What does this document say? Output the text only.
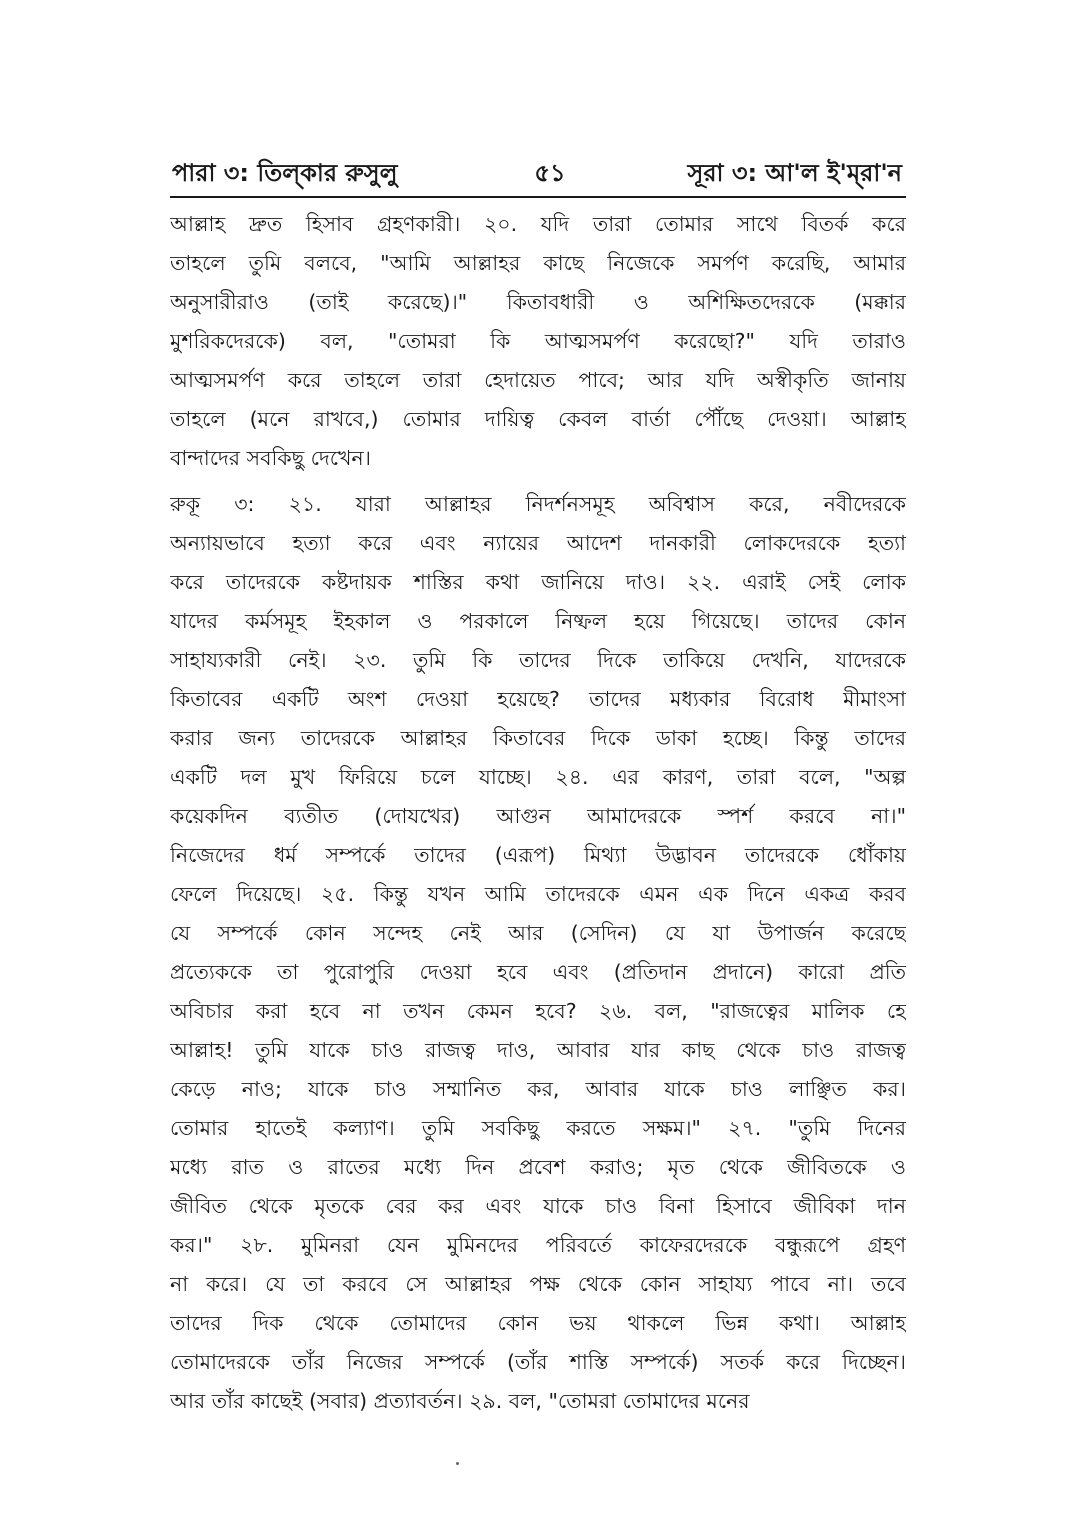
পারা ৩: তিল্‌কার রুসুলু	৫১	সূরা ৩: আ'ল ই'ম্‌রা'ন
আল্লাহ দ্রুত হিসাব গ্রহণকারী। ২০. যদি তারা তোমার সাথে বিতর্ক করে
তাহলে তুমি বলবে, "আমি আল্লাহর কাছে নিজেকে সমর্পণ করেছি, আমার
অনুসারীরাও (তাই করেছে)।" কিতাবধারী ও অশিক্ষিতদেরকে (মক্কার
মুশরিকদেরকে) বল, "তোমরা কি আত্মসমর্পণ করেছো?" যদি তারাও
আত্মসমর্পণ করে তাহলে তারা হেদায়েত পাবে; আর যদি অস্বীকৃতি জানায়
তাহলে (মনে রাখবে,) তোমার দায়িত্ব কেবল বার্তা পৌঁছে দেওয়া। আল্লাহ
বান্দাদের সবকিছু দেখেন।
রুকূ ৩: ২১. যারা আল্লাহর নিদর্শনসমূহ অবিশ্বাস করে, নবীদেরকে
অন্যায়ভাবে হত্যা করে এবং ন্যায়ের আদেশ দানকারী লোকদেরকে হত্যা
করে তাদেরকে কষ্টদায়ক শাস্তির কথা জানিয়ে দাও। ২২. এরাই সেই লোক
যাদের কর্মসমূহ ইহকাল ও পরকালে নিষ্ফল হয়ে গিয়েছে। তাদের কোন
সাহায্যকারী নেই। ২৩. তুমি কি তাদের দিকে তাকিয়ে দেখনি, যাদেরকে
কিতাবের একটি অংশ দেওয়া হয়েছে? তাদের মধ্যকার বিরোধ মীমাংসা
করার জন্য তাদেরকে আল্লাহর কিতাবের দিকে ডাকা হচ্ছে। কিন্তু তাদের
একটি দল মুখ ফিরিয়ে চলে যাচ্ছে। ২৪. এর কারণ, তারা বলে, "অল্প
কয়েকদিন ব্যতীত (দোযখের) আগুন আমাদেরকে স্পর্শ করবে না।"
নিজেদের ধর্ম সম্পর্কে তাদের (এরূপ) মিথ্যা উদ্ভাবন তাদেরকে ধোঁকায়
ফেলে দিয়েছে। ২৫. কিন্তু যখন আমি তাদেরকে এমন এক দিনে একত্র করব
যে সম্পর্কে কোন সন্দেহ নেই আর (সেদিন) যে যা উপার্জন করেছে
প্রত্যেককে তা পুরোপুরি দেওয়া হবে এবং (প্রতিদান প্রদানে) কারো প্রতি
অবিচার করা হবে না তখন কেমন হবে? ২৬. বল, "রাজত্বের মালিক হে
আল্লাহ! তুমি যাকে চাও রাজত্ব দাও, আবার যার কাছ থেকে চাও রাজত্ব
কেড়ে নাও; যাকে চাও সম্মানিত কর, আবার যাকে চাও লাঞ্ছিত কর।
তোমার হাতেই কল্যাণ। তুমি সবকিছু করতে সক্ষম।" ২৭. "তুমি দিনের
মধ্যে রাত ও রাতের মধ্যে দিন প্রবেশ করাও; মৃত থেকে জীবিতকে ও
জীবিত থেকে মৃতকে বের কর এবং যাকে চাও বিনা হিসাবে জীবিকা দান
কর।" ২৮. মুমিনরা যেন মুমিনদের পরিবর্তে কাফেরদেরকে বন্ধুরূপে গ্রহণ
না করে। যে তা করবে সে আল্লাহর পক্ষ থেকে কোন সাহায্য পাবে না। তবে
তাদের দিক থেকে তোমাদের কোন ভয় থাকলে ভিন্ন কথা। আল্লাহ
তোমাদেরকে তাঁর নিজের সম্পর্কে (তাঁর শাস্তি সম্পর্কে) সতর্ক করে দিচ্ছেন।
আর তাঁর কাছেই (সবার) প্রত্যাবর্তন। ২৯. বল, "তোমরা তোমাদের মনের
